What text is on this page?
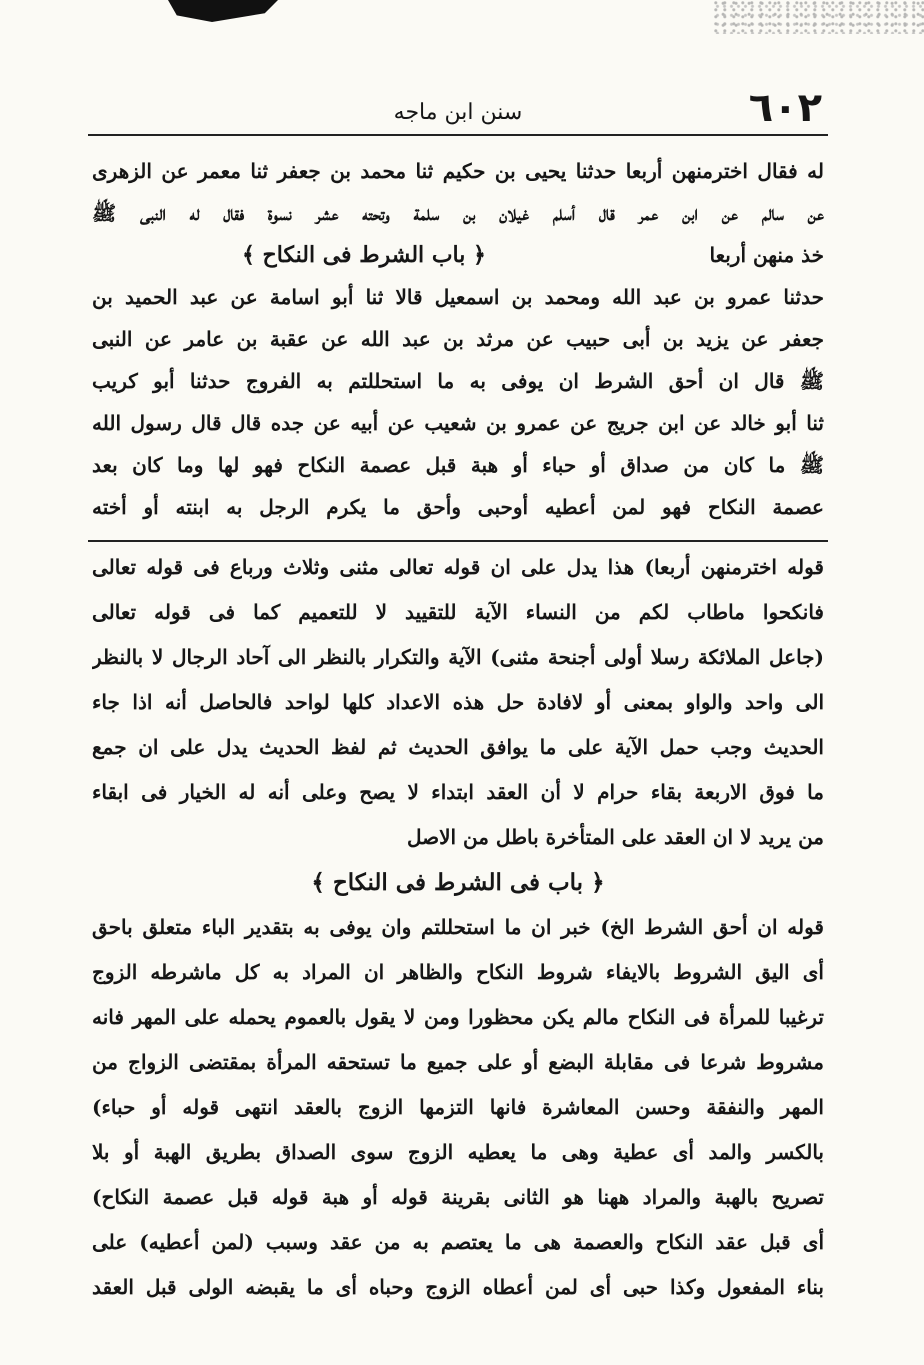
سنن ابن ماجه	٦٠٢
له فقال اخترمنهن أربعا حدثنا يحيى بن حكيم ثنا محمد بن جعفر ثنا معمر عن الزهرى
عن سالم عن ابن عمر قال أسلم غيلان بن سلمة وتحته عشر نسوة فقال له النبى ﷺ
خذ منهن أربعا
﴿ باب الشرط فى النكاح ﴾
حدثنا عمرو بن عبد الله ومحمد بن اسمعيل قالا ثنا أبو اسامة عن عبد الحميد بن
جعفر عن يزيد بن أبى حبيب عن مرثد بن عبد الله عن عقبة بن عامر عن النبى
ﷺ قال ان أحق الشرط ان يوفى به ما استحللتم به الفروج حدثنا أبو كريب
ثنا أبو خالد عن ابن جريج عن عمرو بن شعيب عن أبيه عن جده قال قال رسول الله
ﷺ ما كان من صداق أو حباء أو هبة قبل عصمة النكاح فهو لها وما كان بعد
عصمة النكاح فهو لمن أعطيه أوحبى وأحق ما يكرم الرجل به ابنته أو أخته
قوله اخترمنهن أربعا) هذا يدل على ان قوله تعالى مثنى وثلاث ورباع فى قوله تعالى
فانكحوا ماطاب لكم من النساء الآية للتقييد لا للتعميم كما فى قوله تعالى
(جاعل الملائكة رسلا أولى أجنحة مثنى) الآية والتكرار بالنظر الى آحاد الرجال لا بالنظر
الى واحد والواو بمعنى أو لافادة حل هذه الاعداد كلها لواحد فالحاصل أنه اذا جاء
الحديث وجب حمل الآية على ما يوافق الحديث ثم لفظ الحديث يدل على ان جمع
ما فوق الاربعة بقاء حرام لا أن العقد ابتداء لا يصح وعلى أنه له الخيار فى ابقاء
من يريد لا ان العقد على المتأخرة باطل من الاصل
﴿ باب فى الشرط فى النكاح ﴾
قوله ان أحق الشرط الخ) خبر ان ما استحللتم وان يوفى به بتقدير الباء متعلق باحق
أى اليق الشروط بالايفاء شروط النكاح والظاهر ان المراد به كل ماشرطه الزوج
ترغيبا للمرأة فى النكاح مالم يكن محظورا ومن لا يقول بالعموم يحمله على المهر فانه
مشروط شرعا فى مقابلة البضع أو على جميع ما تستحقه المرأة بمقتضى الزواج من
المهر والنفقة وحسن المعاشرة فانها التزمها الزوج بالعقد انتهى قوله أو حباء)
بالكسر والمد أى عطية وهى ما يعطيه الزوج سوى الصداق بطريق الهبة أو بلا
تصريح بالهبة والمراد ههنا هو الثانى بقرينة قوله أو هبة قوله قبل عصمة النكاح)
أى قبل عقد النكاح والعصمة هى ما يعتصم به من عقد وسبب (لمن أعطيه) على
بناء المفعول وكذا حبى أى لمن أعطاه الزوج وحباه أى ما يقبضه الولى قبل العقد
